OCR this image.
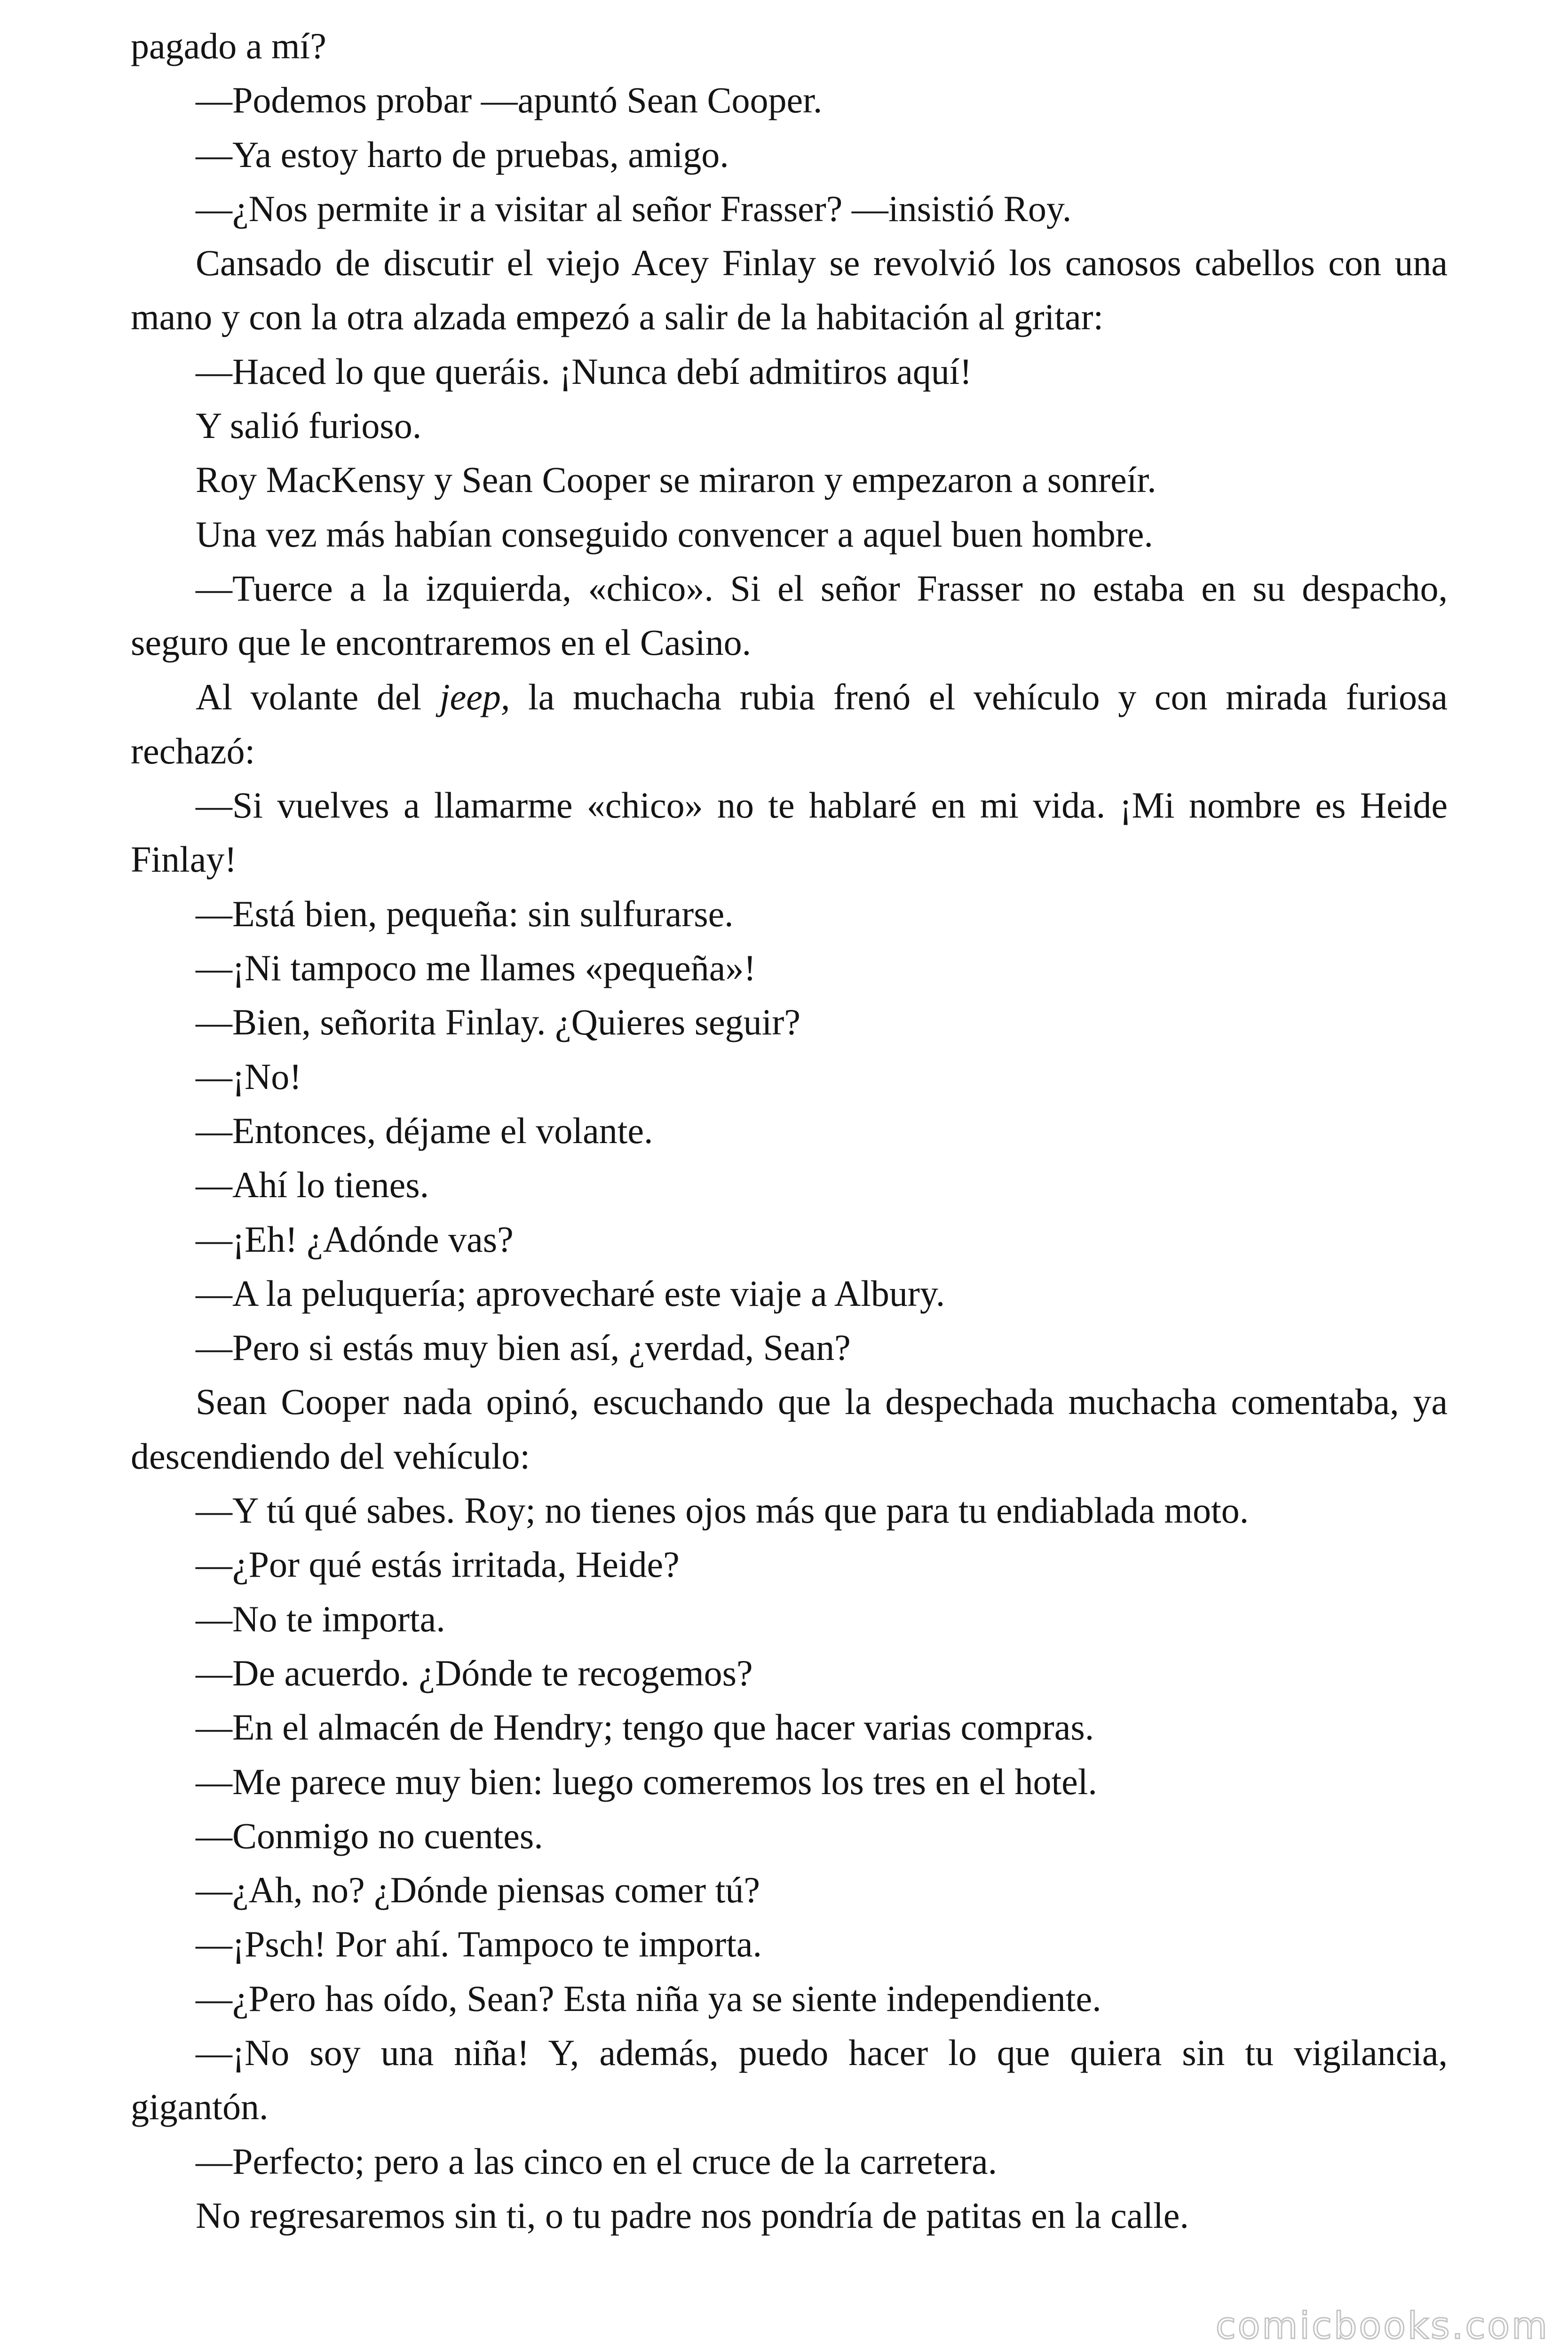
pagado a mí?

—Podemos probar —apuntó Sean Cooper.

—Ya estoy harto de pruebas, amigo.

—¿Nos permite ir a visitar al señor Frasser? —insistió Roy.

Cansado de discutir el viejo Acey Finlay se revolvió los canosos cabellos con una mano y con la otra alzada empezó a salir de la habitación al gritar:

—Haced lo que queráis. ¡Nunca debí admitiros aquí!

Y salió furioso.

Roy MacKensy y Sean Cooper se miraron y empezaron a sonreír.

Una vez más habían conseguido convencer a aquel buen hombre.

—Tuerce a la izquierda, «chico». Si el señor Frasser no estaba en su despacho, seguro que le encontraremos en el Casino.

Al volante del jeep, la muchacha rubia frenó el vehículo y con mirada furiosa rechazó:

—Si vuelves a llamarme «chico» no te hablaré en mi vida. ¡Mi nombre es Heide Finlay!

—Está bien, pequeña: sin sulfurarse.

—¡Ni tampoco me llames «pequeña»!

—Bien, señorita Finlay. ¿Quieres seguir?

—¡No!

—Entonces, déjame el volante.

—Ahí lo tienes.

—¡Eh! ¿Adónde vas?

—A la peluquería; aprovecharé este viaje a Albury.

—Pero si estás muy bien así, ¿verdad, Sean?

Sean Cooper nada opinó, escuchando que la despechada muchacha comentaba, ya descendiendo del vehículo:

—Y tú qué sabes. Roy; no tienes ojos más que para tu endiablada moto.

—¿Por qué estás irritada, Heide?

—No te importa.

—De acuerdo. ¿Dónde te recogemos?

—En el almacén de Hendry; tengo que hacer varias compras.

—Me parece muy bien: luego comeremos los tres en el hotel.

—Conmigo no cuentes.

—¿Ah, no? ¿Dónde piensas comer tú?

—¡Psch! Por ahí. Tampoco te importa.

—¿Pero has oído, Sean? Esta niña ya se siente independiente.

—¡No soy una niña! Y, además, puedo hacer lo que quiera sin tu vigilancia, gigantón.

—Perfecto; pero a las cinco en el cruce de la carretera.

No regresaremos sin ti, o tu padre nos pondría de patitas en la calle.

comicbooks.com
